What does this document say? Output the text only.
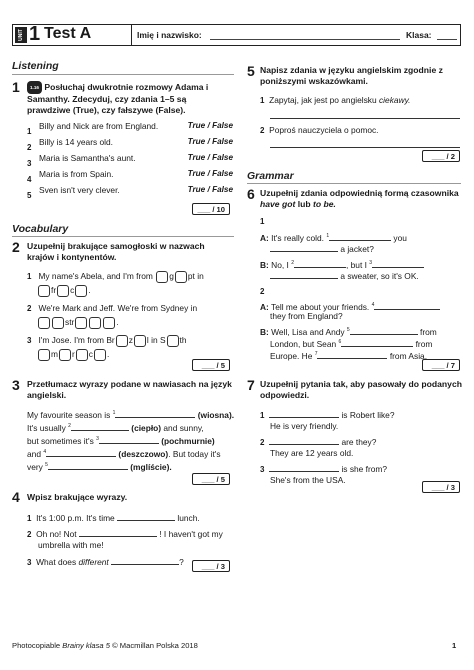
UNIT 1 Test A	Imię i nazwisko:	Klasa:
Listening
1	1.16 Posłuchaj dwukrotnie rozmowy Adama i Samanthy. Zdecyduj, czy zdania 1–5 są prawdziwe (True), czy fałszywe (False).
1
Billy and Nick are from England.	True / False
2
Billy is 14 years old.	True / False
3
Maria is Samantha's aunt.	True / False
4
Maria is from Spain.	True / False
5
Sven isn't very clever.	True / False
___ / 10
Vocabulary
2 Uzupełnij brakujące samogłoski w nazwach krajów i kontynentów.
1 My name's Abela, and I'm from g pt in
fr c .
2 We're Mark and Jeff. We're from Sydney in
str	.
3 I'm Jose. I'm from Br z l in S th
m r c .
___ / 5
3 Przetłumacz wyrazy podane w nawiasach na język angielski.
My favourite season is $^1$	(wiosna).
It's usually $^2$	(ciepło) and sunny,
but sometimes it's $^3$	(pochmurnie)
and $^4$	(deszczowo). But today it's
very $^5$	(mglíście).
___ / 5
4 Wpisz brakujące wyrazy.
1 It's 1:00 p.m. It's time	lunch.
2 Oh no! Not	! I haven't got my
umbrella with me!
3 What does different	?	___ / 3
5 Napisz zdania w języku angielskim zgodnie z poniższymi wskazówkami.
1 Zapytaj, jak jest po angielsku ciekawy.
2 Poproś nauczyciela o pomoc.
___ / 2
Grammar
6 Uzupełnij zdania odpowiednią formą czasownika have got lub to be.
1
A: It's really cold. $^1$	you
a jacket?
B: No, I $^2$	, but I $^3$
a sweater, so it's OK.
2
A: Tell me about your friends. $^4$
they from England?
B: Well, Lisa and Andy $^5$	from
London, but Sean $^6$	from
Europe. He $^7$	from Asia.
___ / 7
7 Uzupełnij pytania tak, aby pasowały do podanych odpowiedzi.
1	is Robert like?
He is very friendly.
2	are they?
They are 12 years old.
3	is she from?
She's from the USA.
___ / 3
Photocopiable Brainy klasa 5 © Macmillan Polska 2018	1
